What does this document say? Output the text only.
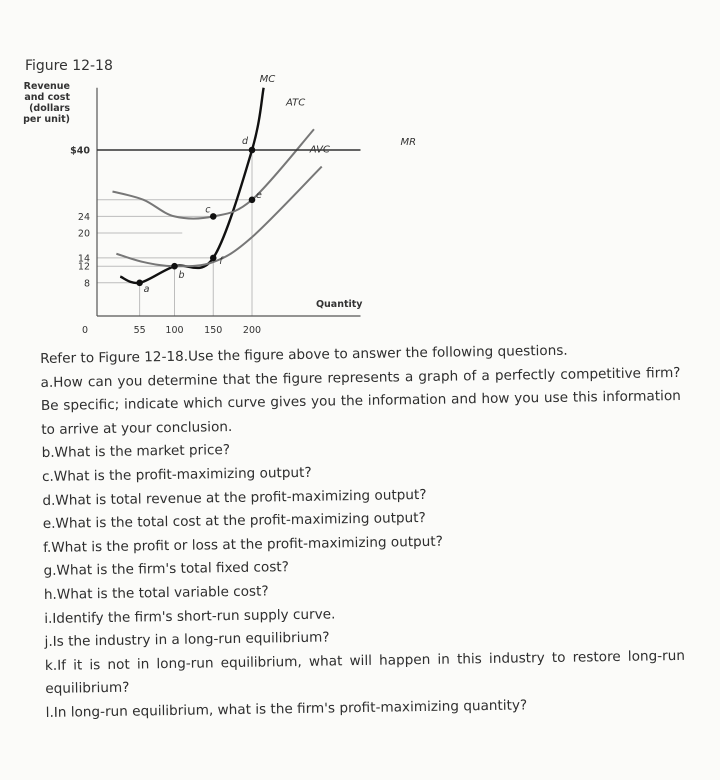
Figure 12-18
Revenue
and cost
(dollars
per unit)
MC
ATC
AVC
MR
a
b
c
d
e
f
$40
24
20
14
12
8
0	55 100 150 200
Quantity

Refer to Figure 12-18.Use the figure above to answer the following questions.

a.How can you determine that the figure represents a graph of a perfectly competitive firm? Be specific; indicate which curve gives you the information and how you use this information to arrive at your conclusion.

b.What is the market price?

c.What is the profit-maximizing output?

d.What is total revenue at the profit-maximizing output?

e.What is the total cost at the profit-maximizing output?

f.What is the profit or loss at the profit-maximizing output?

g.What is the firm's total fixed cost?

h.What is the total variable cost?

i.Identify the firm's short-run supply curve.

j.Is the industry in a long-run equilibrium?

k.If it is not in long-run equilibrium, what will happen in this industry to restore long-run equilibrium?

l.In long-run equilibrium, what is the firm's profit-maximizing quantity?
